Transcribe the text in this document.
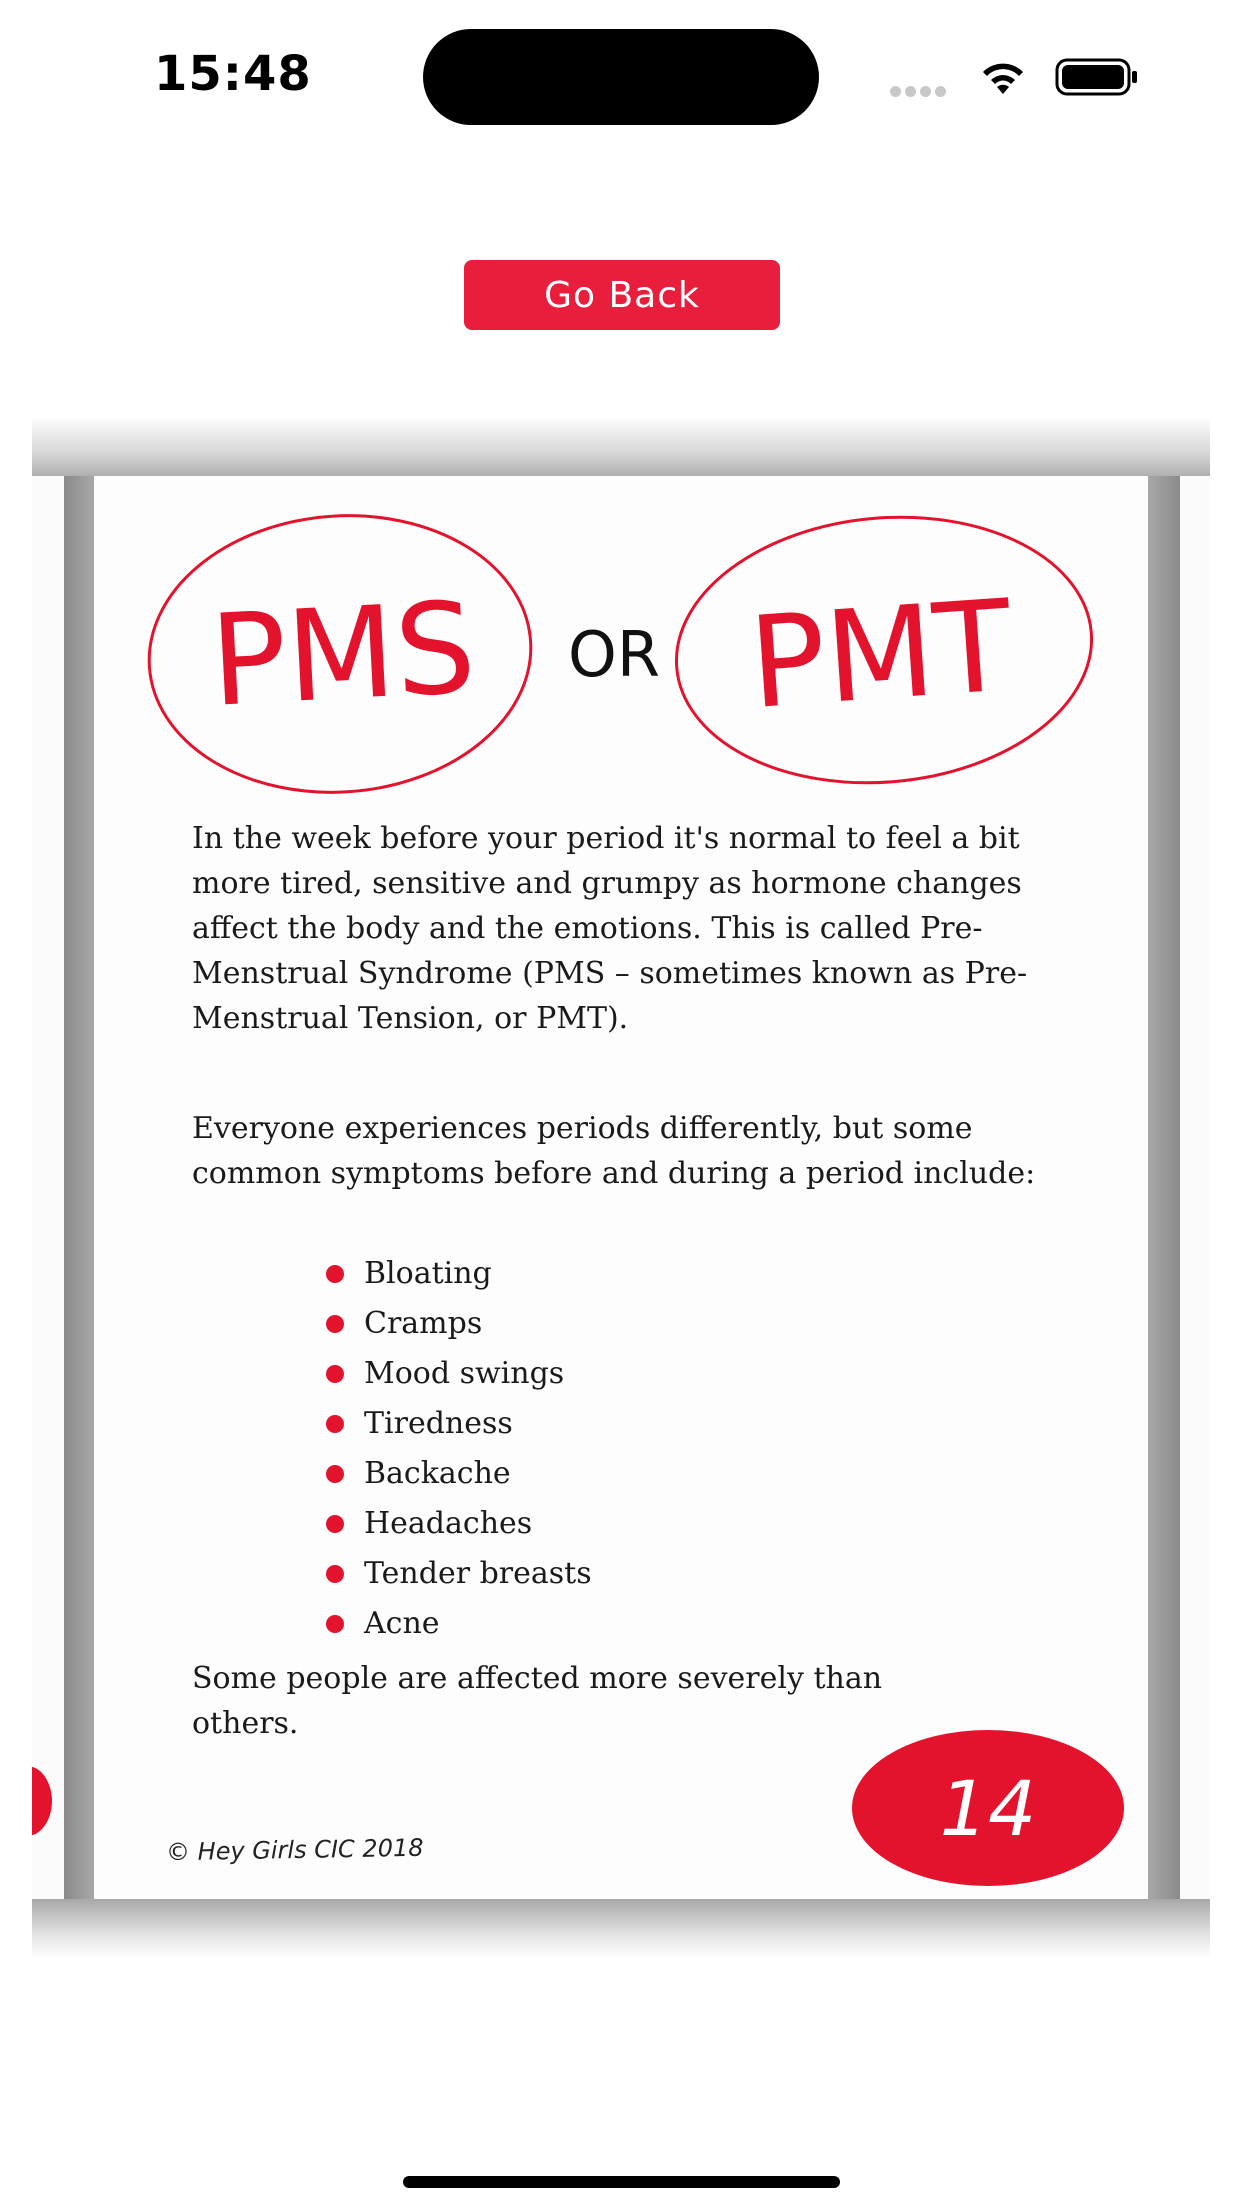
15:48
Go Back
PMS OR PMT

In the week before your period it's normal to feel a bit more tired, sensitive and grumpy as hormone changes affect the body and the emotions. This is called Pre-Menstrual Syndrome (PMS – sometimes known as Pre-Menstrual Tension, or PMT).

Everyone experiences periods differently, but some common symptoms before and during a period include:

Bloating
Cramps
Mood swings
Tiredness
Backache
Headaches
Tender breasts
Acne

Some people are affected more severely than others.

© Hey Girls CIC 2018	14
